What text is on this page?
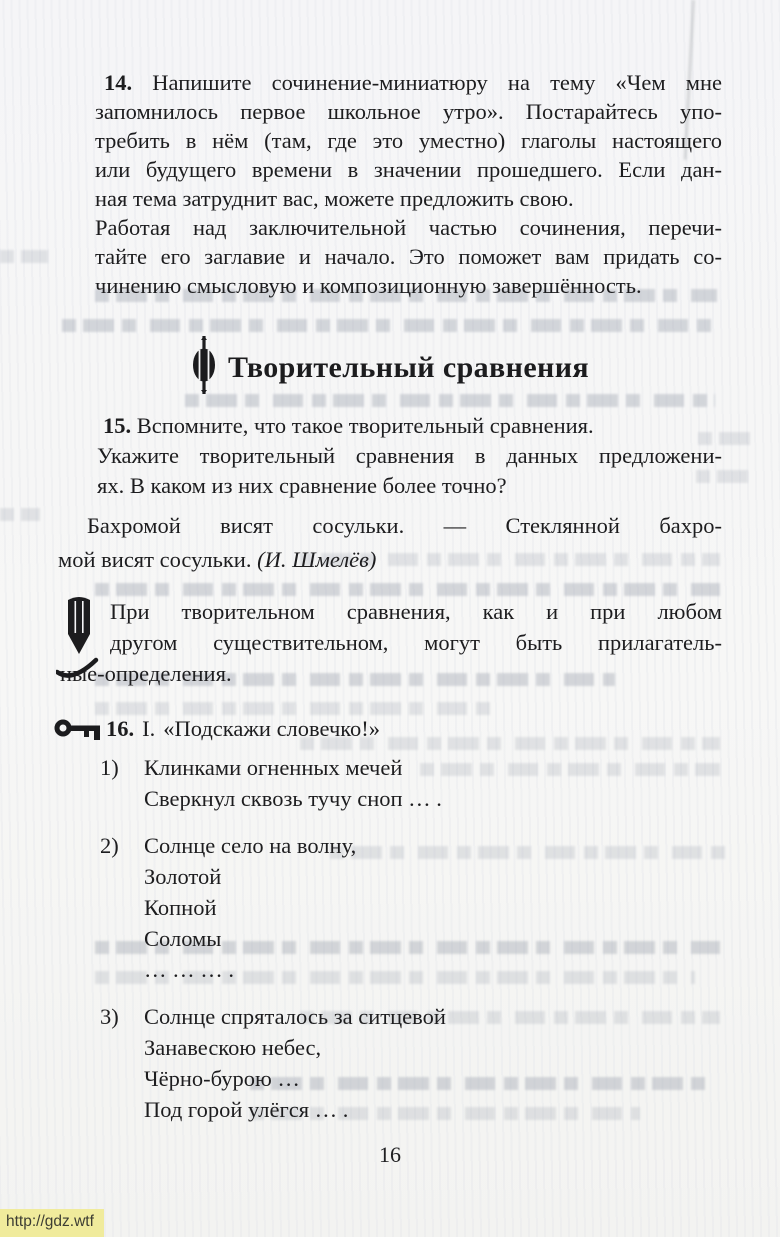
14. Напишите сочинение-миниатюру на тему «Чем мне
запомнилось первое школьное утро». Постарайтесь упо-
требить в нём (там, где это уместно) глаголы настоящего
или будущего времени в значении прошедшего. Если дан-
ная тема затруднит вас, можете предложить свою.
Работая над заключительной частью сочинения, перечи-
тайте его заглавие и начало. Это поможет вам придать со-
чинению смысловую и композиционную завершённость.
Творительный сравнения
15. Вспомните, что такое творительный сравнения.
Укажите творительный сравнения в данных предложени-
ях. В каком из них сравнение более точно?
Бахромой висят сосульки. — Стеклянной бахро-
мой висят сосульки. (И. Шмелёв)
При творительном сравнения, как и при любом
другом существительном, могут быть прилагатель-
ные-определения.
16. I. «Подскажи словечко!»
1)	Клинками огненных мечей
Сверкнул сквозь тучу сноп … .
2)	Солнце село на волну,
Золотой
Копной
Соломы
… … … .
3)	Солнце спряталось за ситцевой
Занавескою небес,
Чёрно-бурою …
Под горой улёгся … .
16
http://gdz.wtf
